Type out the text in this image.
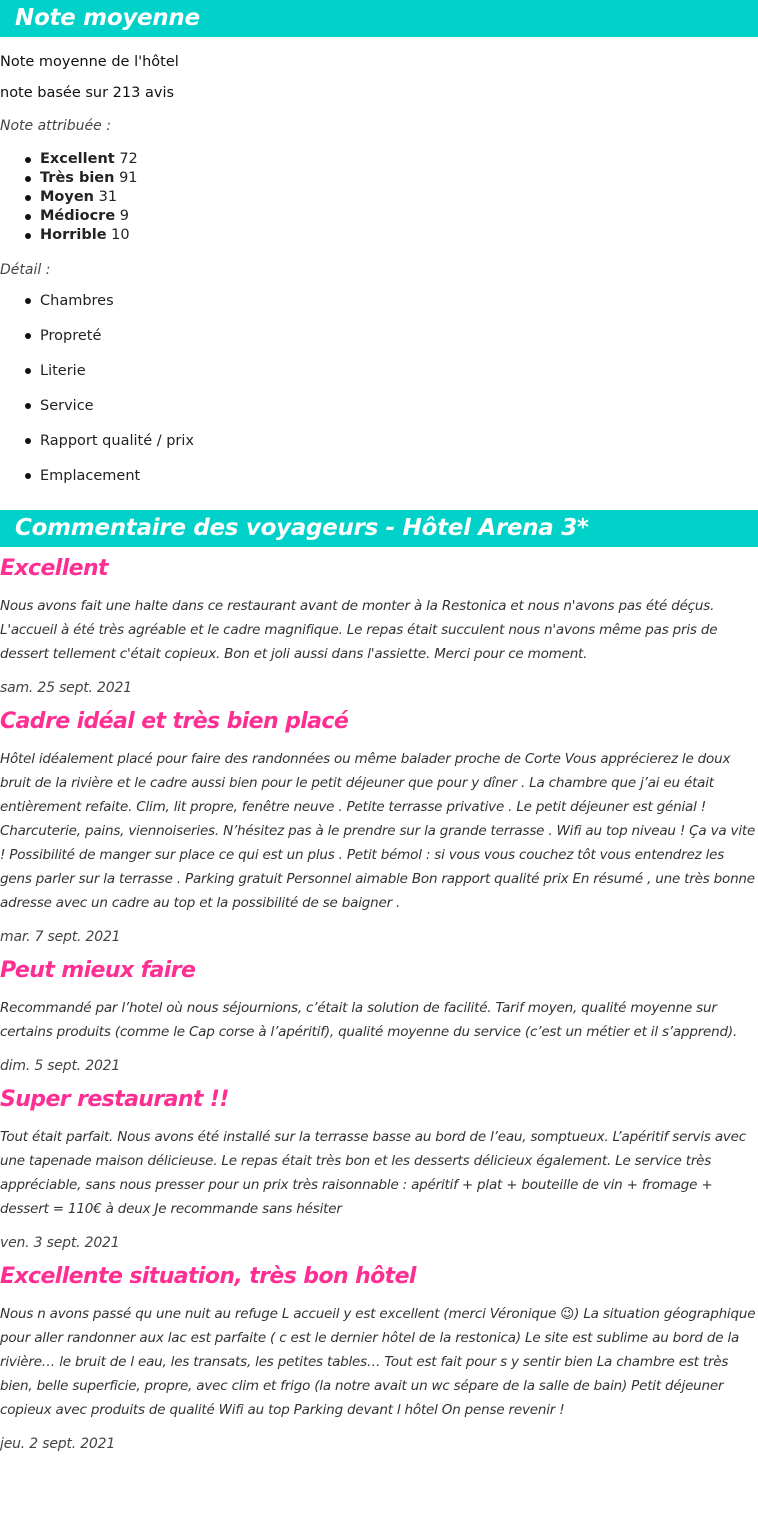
Note moyenne

Note moyenne de l'hôtel

note basée sur 213 avis

Note attribuée :

Excellent 72
Très bien 91
Moyen 31
Médiocre 9
Horrible 10

Détail :

Chambres
Propreté
Literie
Service
Rapport qualité / prix
Emplacement
Commentaire des voyageurs - Hôtel Arena 3*
Excellent

Nous avons fait une halte dans ce restaurant avant de monter à la Restonica et nous n'avons pas été déçus. L'accueil à été très agréable et le cadre magnifique. Le repas était succulent nous n'avons même pas pris de dessert tellement c'était copieux. Bon et joli aussi dans l'assiette. Merci pour ce moment.

sam. 25 sept. 2021

Cadre idéal et très bien placé

Hôtel idéalement placé pour faire des randonnées ou même balader proche de Corte Vous apprécierez le doux bruit de la rivière et le cadre aussi bien pour le petit déjeuner que pour y dîner . La chambre que j’ai eu était entièrement refaite. Clim, lit propre, fenêtre neuve . Petite terrasse privative . Le petit déjeuner est génial ! Charcuterie, pains, viennoiseries. N’hésitez pas à le prendre sur la grande terrasse . Wifi au top niveau ! Ça va vite ! Possibilité de manger sur place ce qui est un plus . Petit bémol : si vous vous couchez tôt vous entendrez les gens parler sur la terrasse . Parking gratuit Personnel aimable Bon rapport qualité prix En résumé , une très bonne adresse avec un cadre au top et la possibilité de se baigner .

mar. 7 sept. 2021

Peut mieux faire

Recommandé par l’hotel où nous séjournions, c’était la solution de facilité. Tarif moyen, qualité moyenne sur certains produits (comme le Cap corse à l’apéritif), qualité moyenne du service (c’est un métier et il s’apprend).

dim. 5 sept. 2021

Super restaurant !!

Tout était parfait. Nous avons été installé sur la terrasse basse au bord de l’eau, somptueux. L’apéritif servis avec une tapenade maison délicieuse. Le repas était très bon et les desserts délicieux également. Le service très appréciable, sans nous presser pour un prix très raisonnable : apéritif + plat + bouteille de vin + fromage + dessert = 110€ à deux Je recommande sans hésiter

ven. 3 sept. 2021

Excellente situation, très bon hôtel

Nous n avons passé qu une nuit au refuge L accueil y est excellent (merci Véronique 😉) La situation géographique pour aller randonner aux lac est parfaite ( c est le dernier hôtel de la restonica) Le site est sublime au bord de la rivière… le bruit de l eau, les transats, les petites tables… Tout est fait pour s y sentir bien La chambre est très bien, belle superficie, propre, avec clim et frigo (la notre avait un wc sépare de la salle de bain) Petit déjeuner copieux avec produits de qualité Wifi au top Parking devant l hôtel On pense revenir !

jeu. 2 sept. 2021
